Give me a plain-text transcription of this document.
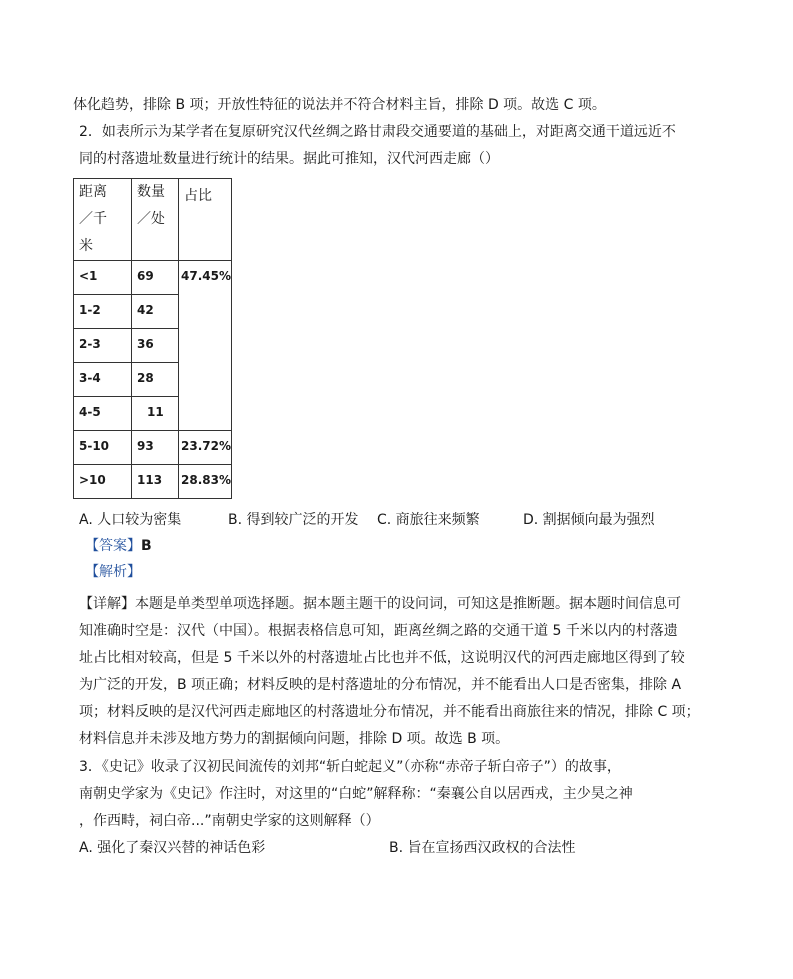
体化趋势，排除 B 项；开放性特征的说法并不符合材料主旨，排除 D 项。故选 C 项。
2．如表所示为某学者在复原研究汉代丝绸之路甘肃段交通要道的基础上，对距离交通干道远近不
同的村落遗址数量进行统计的结果。据此可推知，汉代河西走廊（）
距离
／千
米	数量
／处	占比
<1	69	47.45%
1-2	42	
2-3	36	
3-4	28	
4-5	11	
5-10	93	23.72%
>10	113	28.83%
A. 人口较为密集	B. 得到较广泛的开发 C. 商旅往来频繁	D. 割据倾向最为强烈
【答案】B
【解析】
【详解】本题是单类型单项选择题。据本题主题干的设问词，可知这是推断题。据本题时间信息可
知准确时空是：汉代（中国）。根据表格信息可知，距离丝绸之路的交通干道 5 千米以内的村落遗
址占比相对较高，但是 5 千米以外的村落遗址占比也并不低，这说明汉代的河西走廊地区得到了较
为广泛的开发，B 项正确；材料反映的是村落遗址的分布情况，并不能看出人口是否密集，排除 A
项；材料反映的是汉代河西走廊地区的村落遗址分布情况，并不能看出商旅往来的情况，排除 C 项；
材料信息并未涉及地方势力的割据倾向问题，排除 D 项。故选 B 项。
3．《史记》收录了汉初民间流传的刘邦“斩白蛇起义”（亦称“赤帝子斩白帝子”）的故事，
南朝史学家为《史记》作注时，对这里的“白蛇”解释称：“秦襄公自以居西戎，主少昊之神
，作西畤，祠白帝...”南朝史学家的这则解释（）
A. 强化了秦汉兴替的神话色彩	B. 旨在宣扬西汉政权的合法性
